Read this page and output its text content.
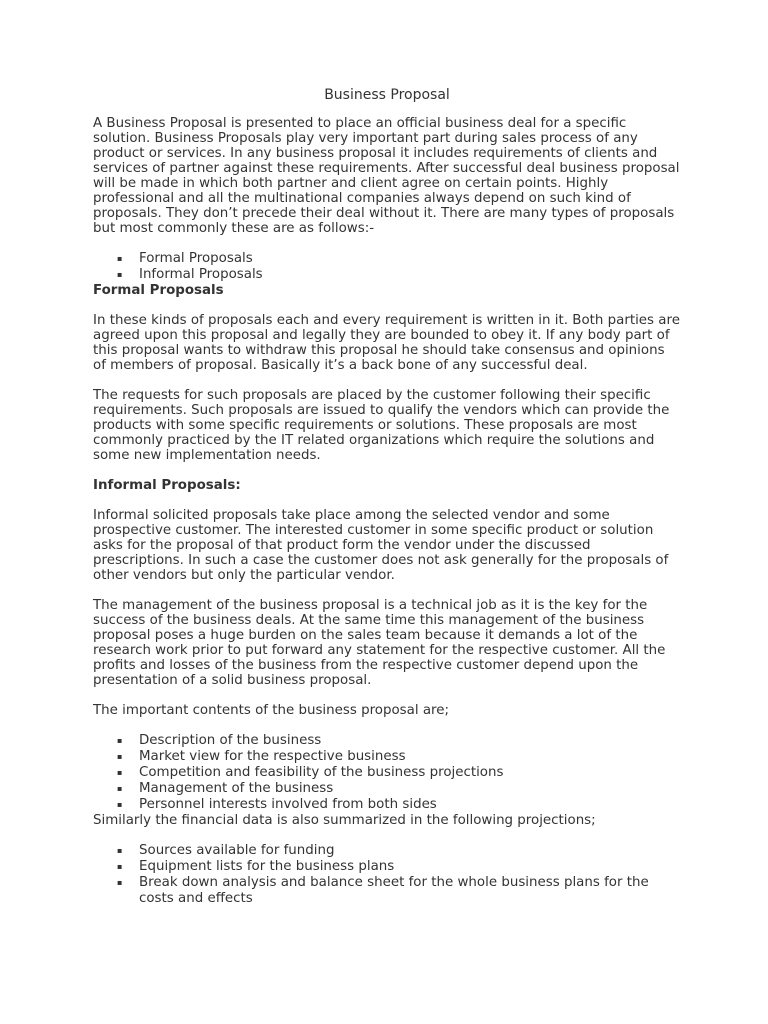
Business Proposal

A Business Proposal is presented to place an official business deal for a specific solution. Business Proposals play very important part during sales process of any product or services. In any business proposal it includes requirements of clients and services of partner against these requirements. After successful deal business proposal will be made in which both partner and client agree on certain points. Highly professional and all the multinational companies always depend on such kind of proposals. They don’t precede their deal without it. There are many types of proposals but most commonly these are as follows:-

▪ Formal Proposals
▪ Informal Proposals
Formal Proposals

In these kinds of proposals each and every requirement is written in it. Both parties are agreed upon this proposal and legally they are bounded to obey it. If any body part of this proposal wants to withdraw this proposal he should take consensus and opinions of members of proposal. Basically it’s a back bone of any successful deal.

The requests for such proposals are placed by the customer following their specific requirements. Such proposals are issued to qualify the vendors which can provide the products with some specific requirements or solutions. These proposals are most commonly practiced by the IT related organizations which require the solutions and some new implementation needs.

Informal Proposals:

Informal solicited proposals take place among the selected vendor and some prospective customer. The interested customer in some specific product or solution asks for the proposal of that product form the vendor under the discussed prescriptions. In such a case the customer does not ask generally for the proposals of other vendors but only the particular vendor.

The management of the business proposal is a technical job as it is the key for the success of the business deals. At the same time this management of the business proposal poses a huge burden on the sales team because it demands a lot of the research work prior to put forward any statement for the respective customer. All the profits and losses of the business from the respective customer depend upon the presentation of a solid business proposal.

The important contents of the business proposal are;

▪ Description of the business
▪ Market view for the respective business
▪ Competition and feasibility of the business projections
▪ Management of the business
▪ Personnel interests involved from both sides

Similarly the financial data is also summarized in the following projections;

▪ Sources available for funding
▪ Equipment lists for the business plans
▪ Break down analysis and balance sheet for the whole business plans for the costs and effects
